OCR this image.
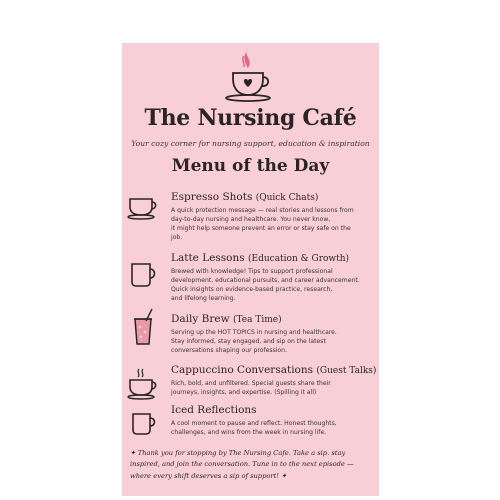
The Nursing Café
Your cozy corner for nursing support, education & inspiration
Menu of the Day
Espresso Shots (Quick Chats)
A quick protection message — real stories and lessons from
day-to-day nursing and healthcare. You never know,
it might help someone prevent an error or stay safe on the
job.
Latte Lessons (Education & Growth)
Brewed with knowledge! Tips to support professional
development, educational pursuits, and career advancement.
Quick insights on evidence-based practice, research,
and lifelong learning.
Daily Brew (Tea Time)
Serving up the HOT TOPICS in nursing and healthcare.
Stay informed, stay engaged, and sip on the latest
conversations shaping our profession.
Cappuccino Conversations (Guest Talks)
Rich, bold, and unfiltered. Special guests share their
journeys, insights, and expertise. (Spilling it all)
Iced Reflections
A cool moment to pause and reflect. Honest thoughts,
challenges, and wins from the week in nursing life.
✦ Thank you for stopping by The Nursing Cafe. Take a sip. stay
inspired, and join the conversation. Tune in to the next episode —
where every shift deserves a sip of support! ✦
